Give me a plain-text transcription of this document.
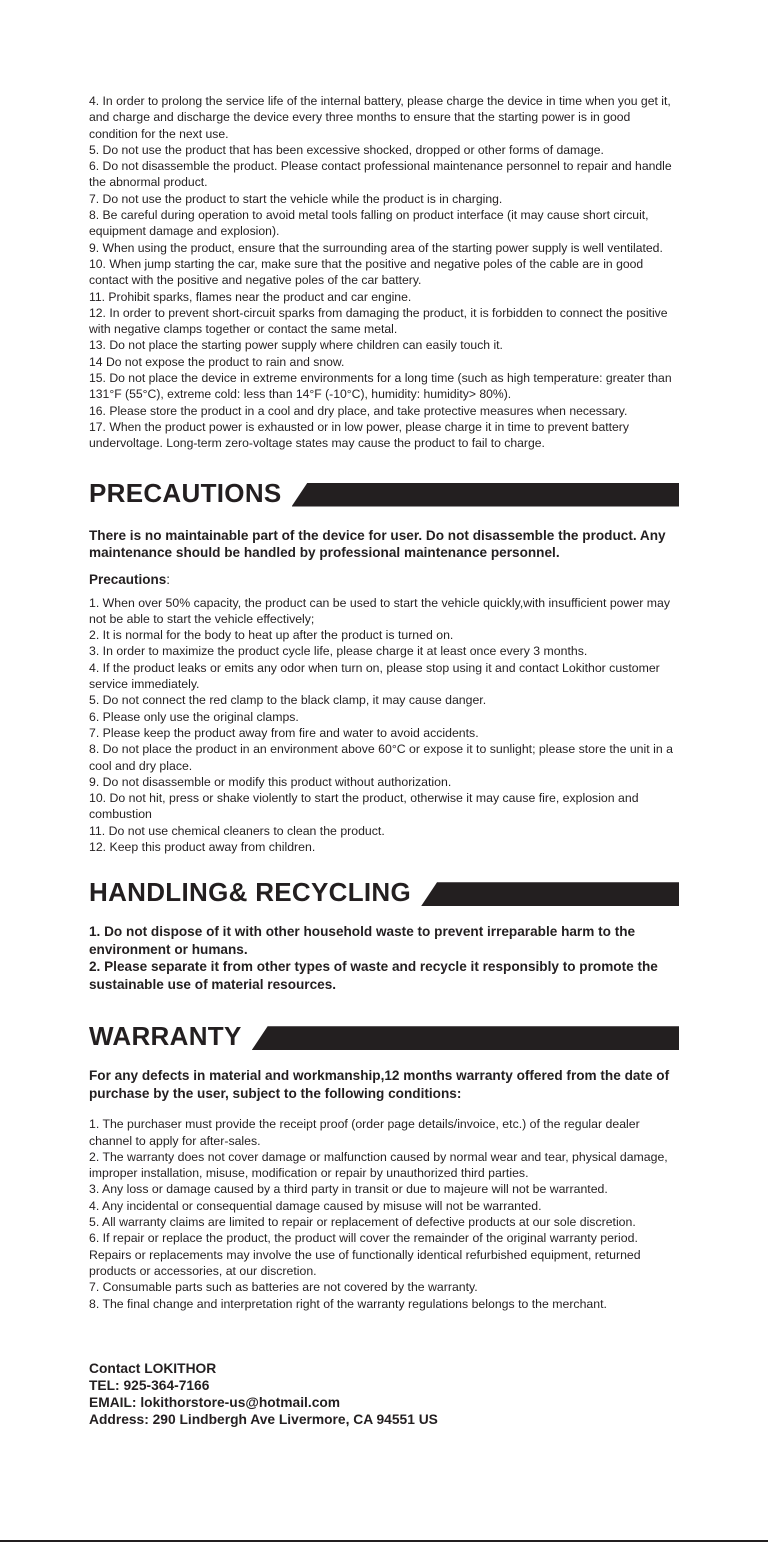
4. In order to prolong the service life of the internal battery, please charge the device in time when you get it, and charge and discharge the device every three months to ensure that the starting power is in good condition for the next use.
5. Do not use the product that has been excessive shocked, dropped or other forms of damage.
6. Do not disassemble the product. Please contact professional maintenance personnel to repair and handle the abnormal product.
7. Do not use the product to start the vehicle while the product is in charging.
8. Be careful during operation to avoid metal tools falling on product interface (it may cause short circuit, equipment damage and explosion).
9. When using the product, ensure that the surrounding area of the starting power supply is well ventilated.
10. When jump starting the car, make sure that the positive and negative poles of the cable are in good contact with the positive and negative poles of the car battery.
11. Prohibit sparks, flames near the product and car engine.
12. In order to prevent short-circuit sparks from damaging the product, it is forbidden to connect the positive with negative clamps together or contact the same metal.
13. Do not place the starting power supply where children can easily touch it.
14 Do not expose the product to rain and snow.
15. Do not place the device in extreme environments for a long time (such as high temperature: greater than 131°F (55°C), extreme cold: less than 14°F (-10°C), humidity: humidity> 80%).
16. Please store the product in a cool and dry place, and take protective measures when necessary.
17. When the product power is exhausted or in low power, please charge it in time to prevent battery undervoltage. Long-term zero-voltage states may cause the product to fail to charge.
PRECAUTIONS

There is no maintainable part of the device for user. Do not disassemble the product. Any maintenance should be handled by professional maintenance personnel.

Precautions:

1. When over 50% capacity, the product can be used to start the vehicle quickly,with insufficient power may not be able to start the vehicle effectively;
2. It is normal for the body to heat up after the product is turned on.
3. In order to maximize the product cycle life, please charge it at least once every 3 months.
4. If the product leaks or emits any odor when turn on, please stop using it and contact Lokithor customer service immediately.
5. Do not connect the red clamp to the black clamp, it may cause danger.
6. Please only use the original clamps.
7. Please keep the product away from fire and water to avoid accidents.
8. Do not place the product in an environment above 60°C or expose it to sunlight; please store the unit in a cool and dry place.
9. Do not disassemble or modify this product without authorization.
10. Do not hit, press or shake violently to start the product, otherwise it may cause fire, explosion and combustion
11. Do not use chemical cleaners to clean the product.
12. Keep this product away from children.
HANDLING& RECYCLING
1. Do not dispose of it with other household waste to prevent irreparable harm to the environment or humans.
2. Please separate it from other types of waste and recycle it responsibly to promote the sustainable use of material resources.
WARRANTY

For any defects in material and workmanship,12 months warranty offered from the date of purchase by the user, subject to the following conditions:

1. The purchaser must provide the receipt proof (order page details/invoice, etc.) of the regular dealer channel to apply for after-sales.
2. The warranty does not cover damage or malfunction caused by normal wear and tear, physical damage, improper installation, misuse, modification or repair by unauthorized third parties.
3. Any loss or damage caused by a third party in transit or due to majeure will not be warranted.
4. Any incidental or consequential damage caused by misuse will not be warranted.
5. All warranty claims are limited to repair or replacement of defective products at our sole discretion.
6. If repair or replace the product, the product will cover the remainder of the original warranty period. Repairs or replacements may involve the use of functionally identical refurbished equipment, returned products or accessories, at our discretion.
7. Consumable parts such as batteries are not covered by the warranty.
8. The final change and interpretation right of the warranty regulations belongs to the merchant.

Contact LOKITHOR

TEL: 925-364-7166

EMAIL: lokithorstore-us@hotmail.com

Address: 290 Lindbergh Ave Livermore, CA 94551 US
